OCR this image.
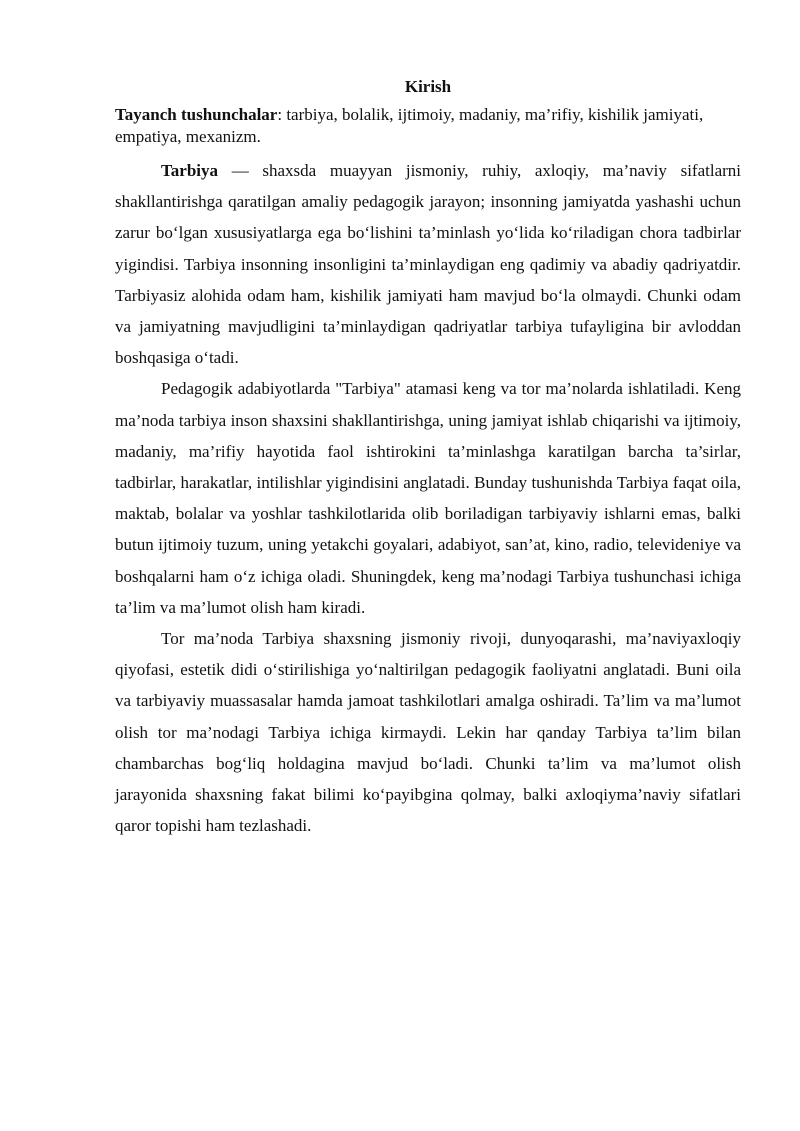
Kirish

Tayanch tushunchalar: tarbiya, bolalik, ijtimoiy, madaniy, ma’rifiy, kishilik jamiyati, empatiya, mexanizm.

Tarbiya — shaxsda muayyan jismoniy, ruhiy, axloqiy, ma’naviy sifatlarni shakllantirishga qaratilgan amaliy pedagogik jarayon; insonning jamiyatda yashashi uchun zarur bo‘lgan xususiyatlarga ega bo‘lishini ta’minlash yo‘lida ko‘riladigan chora tadbirlar yigindisi. Tarbiya insonning insonligini ta’minlaydigan eng qadimiy va abadiy qadriyatdir. Tarbiyasiz alohida odam ham, kishilik jamiyati ham mavjud bo‘la olmaydi. Chunki odam va jamiyatning mavjudligini ta’minlaydigan qadriyatlar tarbiya tufayligina bir avloddan boshqasiga o‘tadi.

Pedagogik adabiyotlarda "Tarbiya" atamasi keng va tor ma’nolarda ishlatiladi. Keng ma’noda tarbiya inson shaxsini shakllantirishga, uning jamiyat ishlab chiqarishi va ijtimoiy, madaniy, ma’rifiy hayotida faol ishtirokini ta’minlashga karatilgan barcha ta’sirlar, tadbirlar, harakatlar, intilishlar yigindisini anglatadi. Bunday tushunishda Tarbiya faqat oila, maktab, bolalar va yoshlar tashkilotlarida olib boriladigan tarbiyaviy ishlarni emas, balki butun ijtimoiy tuzum, uning yetakchi goyalari, adabiyot, san’at, kino, radio, televideniye va boshqalarni ham o‘z ichiga oladi. Shuningdek, keng ma’nodagi Tarbiya tushunchasi ichiga ta’lim va ma’lumot olish ham kiradi.

Tor ma’noda Tarbiya shaxsning jismoniy rivoji, dunyoqarashi, ma’naviyaxloqiy qiyofasi, estetik didi o‘stirilishiga yo‘naltirilgan pedagogik faoliyatni anglatadi. Buni oila va tarbiyaviy muassasalar hamda jamoat tashkilotlari amalga oshiradi. Ta’lim va ma’lumot olish tor ma’nodagi Tarbiya ichiga kirmaydi. Lekin har qanday Tarbiya ta’lim bilan chambarchas bog‘liq holdagina mavjud bo‘ladi. Chunki ta’lim va ma’lumot olish jarayonida shaxsning fakat bilimi ko‘payibgina qolmay, balki axloqiyma’naviy sifatlari qaror topishi ham tezlashadi.
